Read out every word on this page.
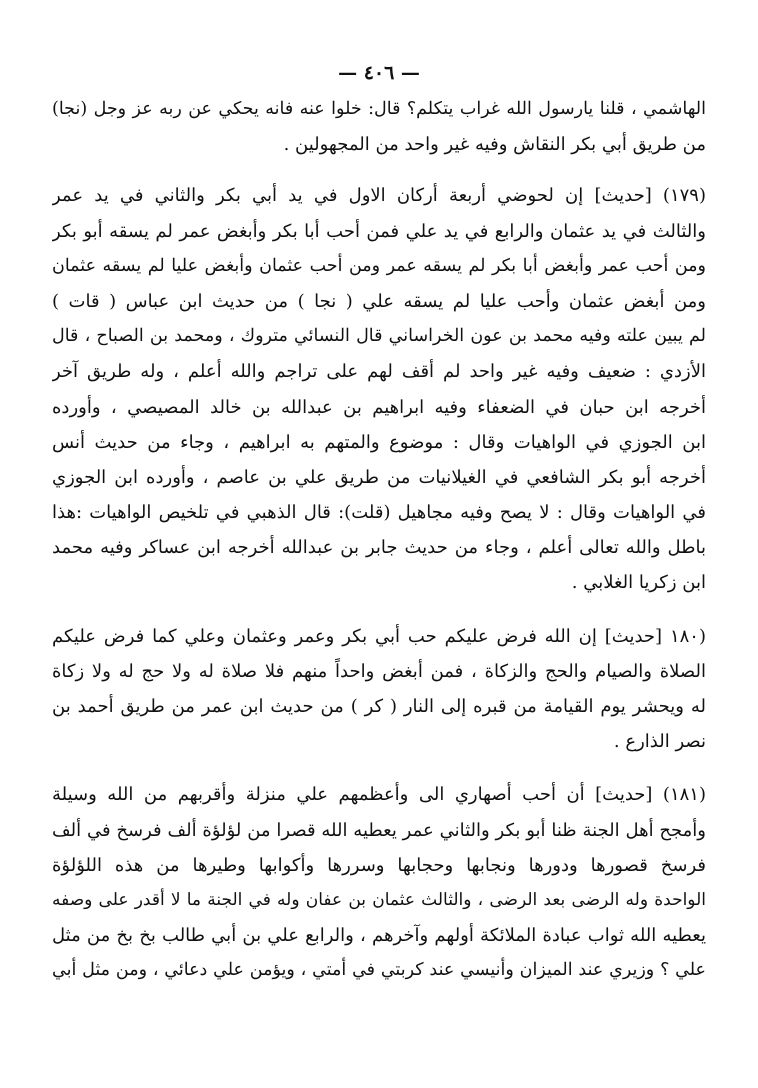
— ٤٠٦ —

الهاشمي ، قلنا يارسول الله غراب يتكلم؟ قال: خلوا عنه فانه يحكي عن ربه عز وجل (نجا)
من طريق أبي بكر النقاش وفيه غير واحد من المجهولين .

(١٧٩) [حديث] إن لحوضي أربعة أركان الاول في يد أبي بكر والثاني في يد عمر
والثالث في يد عثمان والرابع في يد علي فمن أحب أبا بكر وأبغض عمر لم يسقه أبو بكر
ومن أحب عمر وأبغض أبا بكر لم يسقه عمر ومن أحب عثمان وأبغض عليا لم يسقه عثمان
ومن أبغض عثمان وأحب عليا لم يسقه علي ( نجا ) من حديث ابن عباس ( قات )
لم يبين علته وفيه محمد بن عون الخراساني قال النسائي متروك ، ومحمد بن الصباح ، قال
الأزدي : ضعيف وفيه غير واحد لم أقف لهم على تراجم والله أعلم ، وله طريق آخر
أخرجه ابن حبان في الضعفاء وفيه ابراهيم بن عبدالله بن خالد المصيصي ، وأورده
ابن الجوزي في الواهيات وقال : موضوع والمتهم به ابراهيم ، وجاء من حديث أنس
أخرجه أبو بكر الشافعي في الغيلانيات من طريق علي بن عاصم ، وأورده ابن الجوزي
في الواهيات وقال : لا يصح وفيه مجاهيل (قلت): قال الذهبي في تلخيص الواهيات :هذا
باطل والله تعالى أعلم ، وجاء من حديث جابر بن عبدالله أخرجه ابن عساكر وفيه محمد
ابن زكريا الغلابي .

(١٨٠ [حديث] إن الله فرض عليكم حب أبي بكر وعمر وعثمان وعلي كما فرض عليكم
الصلاة والصيام والحج والزكاة ، فمن أبغض واحداً منهم فلا صلاة له ولا حج له ولا زكاة
له ويحشر يوم القيامة من قبره إلى النار ( كر ) من حديث ابن عمر من طريق أحمد بن
نصر الذارع .

(١٨١) [حديث] أن أحب أصهاري الى وأعظمهم علي منزلة وأقربهم من الله وسيلة
وأمجح أهل الجنة ظنا أبو بكر والثاني عمر يعطيه الله قصرا من لؤلؤة ألف فرسخ في ألف
فرسخ قصورها ودورها ونجابها وحجابها وسررها وأكوابها وطيرها من هذه اللؤلؤة
الواحدة وله الرضى بعد الرضى ، والثالث عثمان بن عفان وله في الجنة ما لا أقدر على وصفه
يعطيه الله ثواب عبادة الملائكة أولهم وآخرهم ، والرابع علي بن أبي طالب بخ بخ من مثل
علي ؟ وزيري عند الميزان وأنيسي عند كربتي في أمتي ، ويؤمن علي دعائي ، ومن مثل أبي
